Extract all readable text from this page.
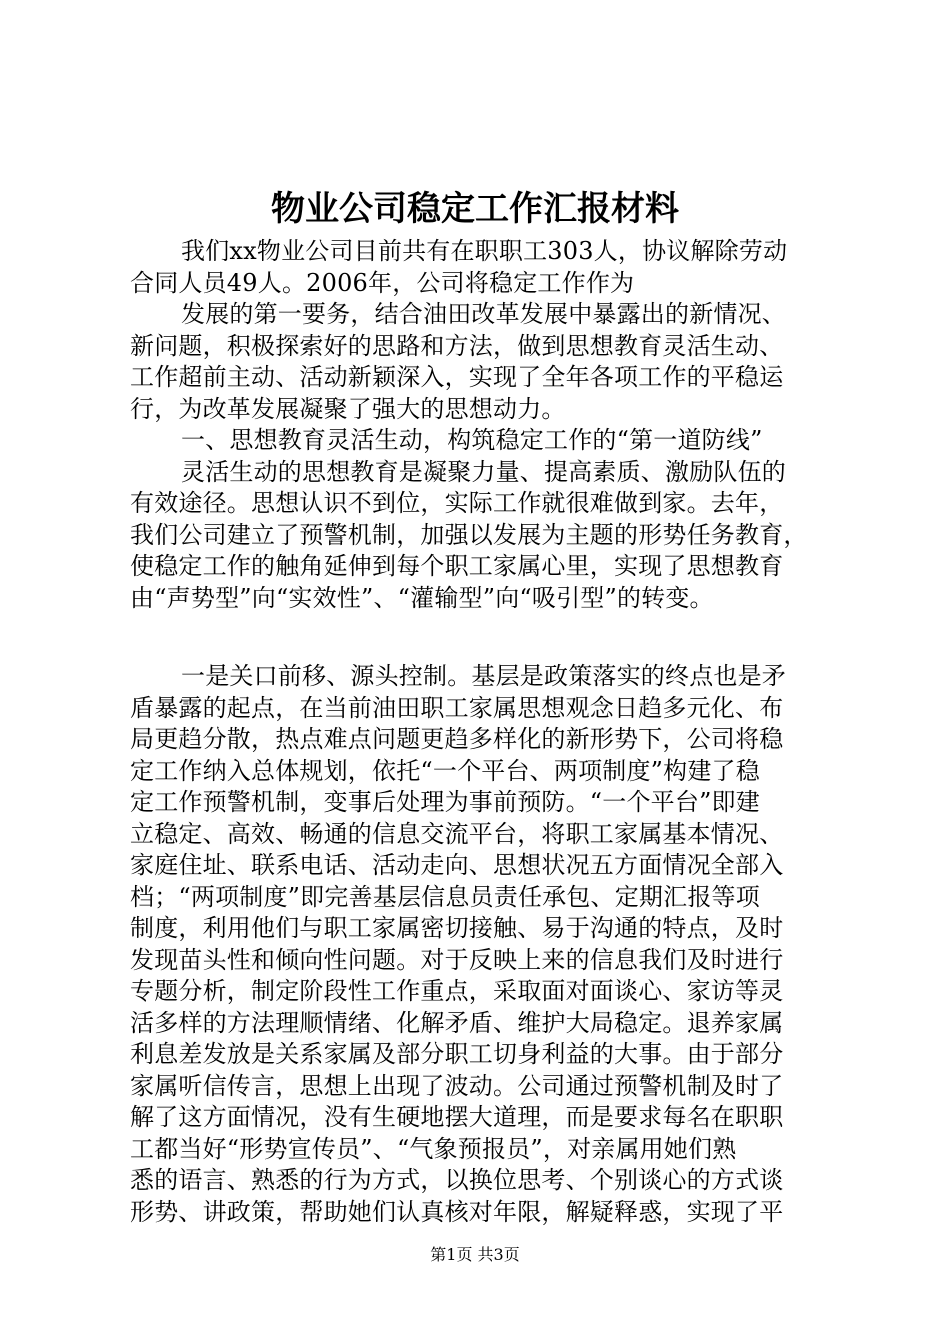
物业公司稳定工作汇报材料
我们xx物业公司目前共有在职职工303人，协议解除劳动
合同人员49人。2006年，公司将稳定工作作为
发展的第一要务，结合油田改革发展中暴露出的新情况、
新问题，积极探索好的思路和方法，做到思想教育灵活生动、
工作超前主动、活动新颖深入，实现了全年各项工作的平稳运
行，为改革发展凝聚了强大的思想动力。
一、思想教育灵活生动，构筑稳定工作的“第一道防线”
灵活生动的思想教育是凝聚力量、提高素质、激励队伍的
有效途径。思想认识不到位，实际工作就很难做到家。去年，
我们公司建立了预警机制，加强以发展为主题的形势任务教育，
使稳定工作的触角延伸到每个职工家属心里，实现了思想教育
由“声势型”向“实效性”、“灌输型”向“吸引型”的转变。
一是关口前移、源头控制。基层是政策落实的终点也是矛
盾暴露的起点，在当前油田职工家属思想观念日趋多元化、布
局更趋分散，热点难点问题更趋多样化的新形势下，公司将稳
定工作纳入总体规划，依托“一个平台、两项制度”构建了稳
定工作预警机制，变事后处理为事前预防。“一个平台”即建
立稳定、高效、畅通的信息交流平台，将职工家属基本情况、
家庭住址、联系电话、活动走向、思想状况五方面情况全部入
档；“两项制度”即完善基层信息员责任承包、定期汇报等项
制度，利用他们与职工家属密切接触、易于沟通的特点，及时
发现苗头性和倾向性问题。对于反映上来的信息我们及时进行
专题分析，制定阶段性工作重点，采取面对面谈心、家访等灵
活多样的方法理顺情绪、化解矛盾、维护大局稳定。退养家属
利息差发放是关系家属及部分职工切身利益的大事。由于部分
家属听信传言，思想上出现了波动。公司通过预警机制及时了
解了这方面情况，没有生硬地摆大道理，而是要求每名在职职
工都当好“形势宣传员”、“气象预报员”，对亲属用她们熟
悉的语言、熟悉的行为方式，以换位思考、个别谈心的方式谈
形势、讲政策，帮助她们认真核对年限，解疑释惑，实现了平
第1页 共3页
